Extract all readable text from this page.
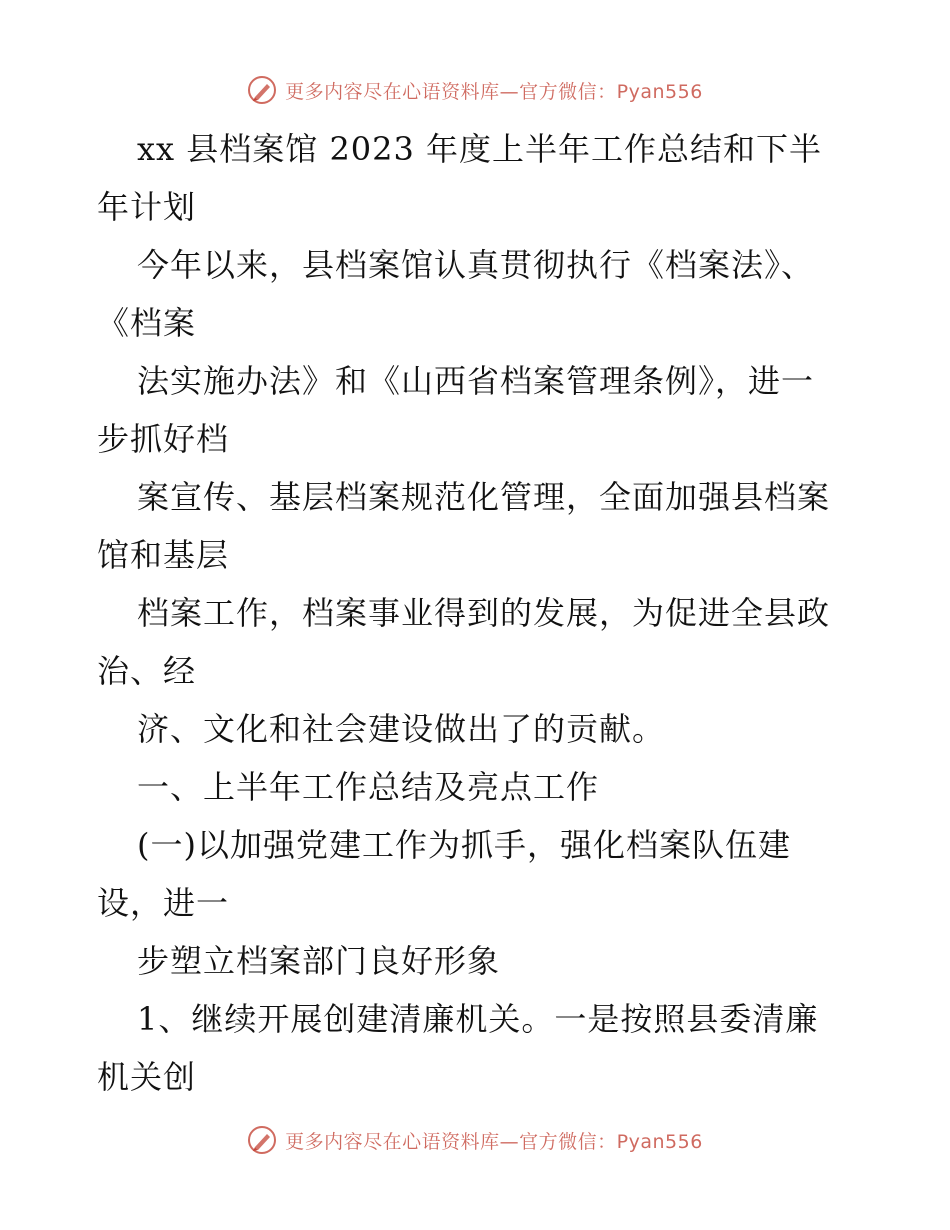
更多内容尽在心语资料库—官方微信：Pyan556
xx 县档案馆 2023 年度上半年工作总结和下半
年计划
今年以来，县档案馆认真贯彻执行《档案法》、
《档案
法实施办法》和《山西省档案管理条例》，进一
步抓好档
案宣传、基层档案规范化管理，全面加强县档案
馆和基层
档案工作，档案事业得到的发展，为促进全县政
治、经
济、文化和社会建设做出了的贡献。
一、上半年工作总结及亮点工作
(一)以加强党建工作为抓手，强化档案队伍建
设，进一
步塑立档案部门良好形象
1、继续开展创建清廉机关。一是按照县委清廉
机关创
更多内容尽在心语资料库—官方微信：Pyan556
